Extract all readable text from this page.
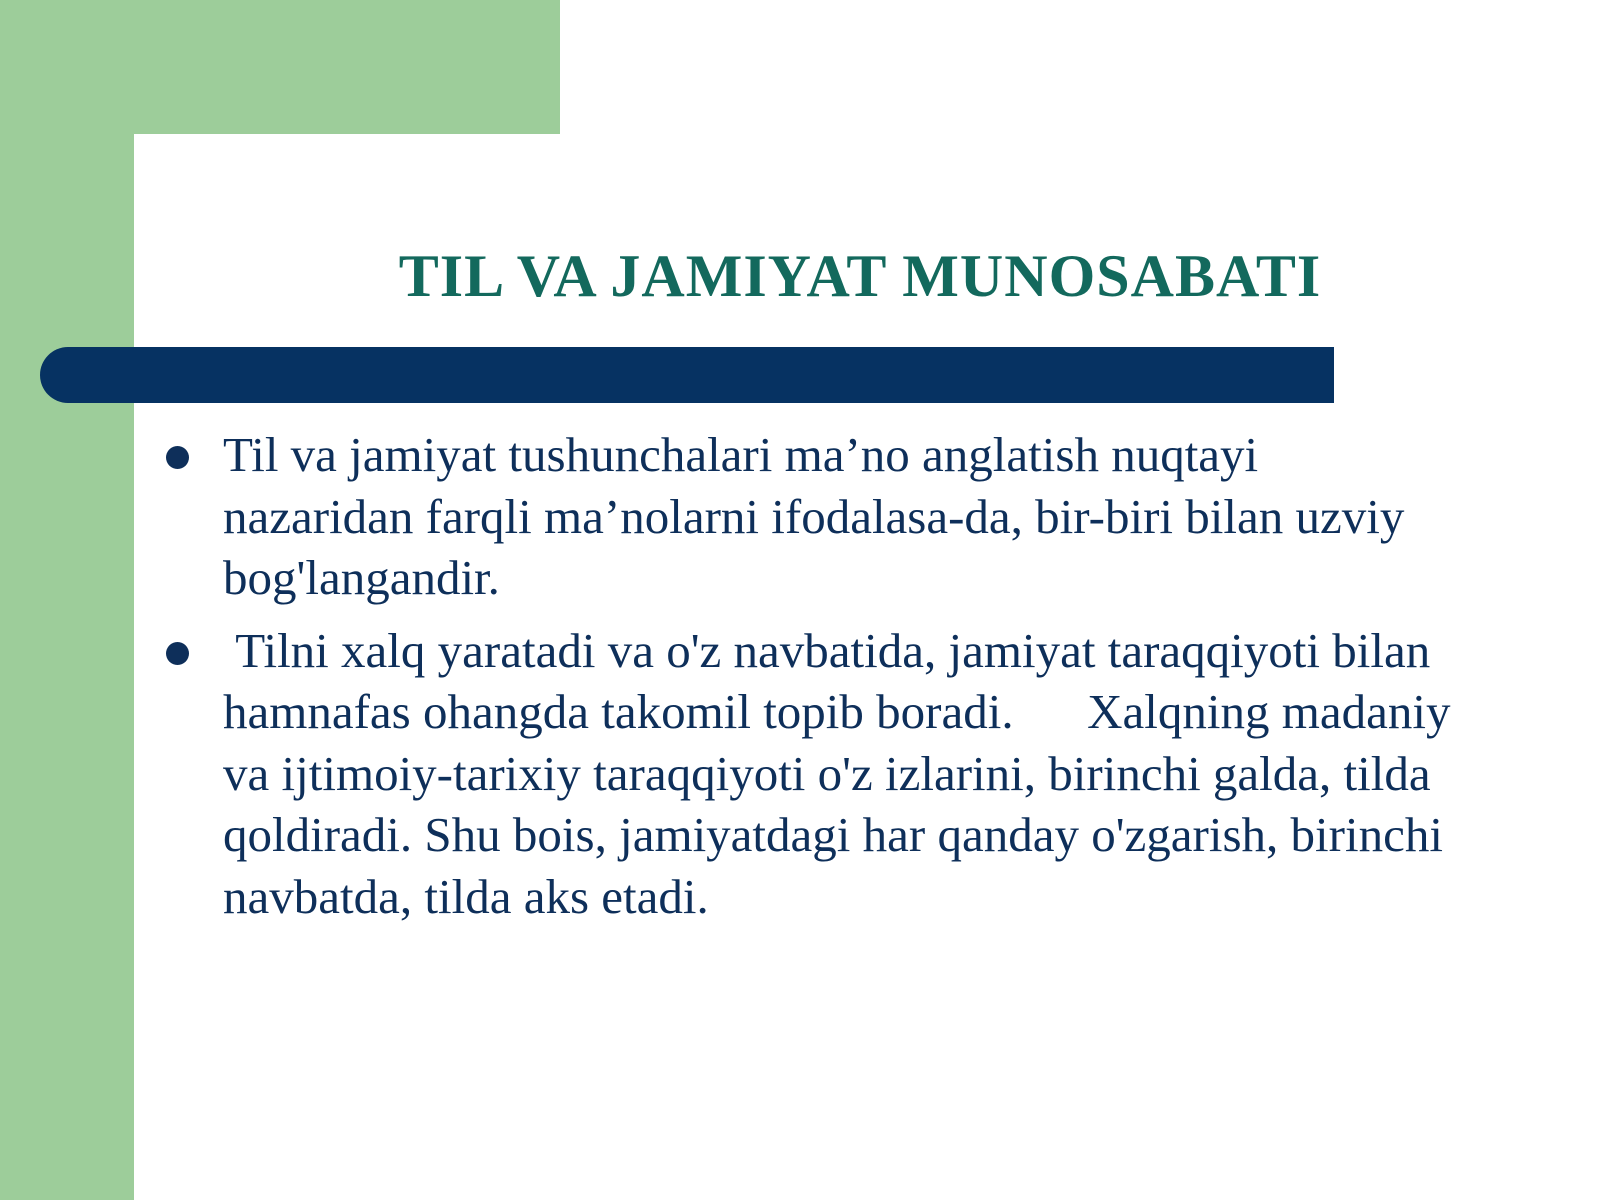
TIL VA JAMIYAT MUNOSABATI
Til va jamiyat tushunchalari ma’no anglatish nuqtayi nazaridan farqli ma’nolarni ifodalasa-da, bir-biri bilan uzviy bog'langandir.
Tilni xalq yaratadi va o'z navbatida, jamiyat taraqqiyoti bilan hamnafas ohangda takomil topib boradi.      Xalqning madaniy va ijtimoiy-tarixiy taraqqiyoti o'z izlarini, birinchi galda, tilda qoldiradi. Shu bois, jamiyatdagi har qanday o'zgarish, birinchi navbatda, tilda aks etadi.
